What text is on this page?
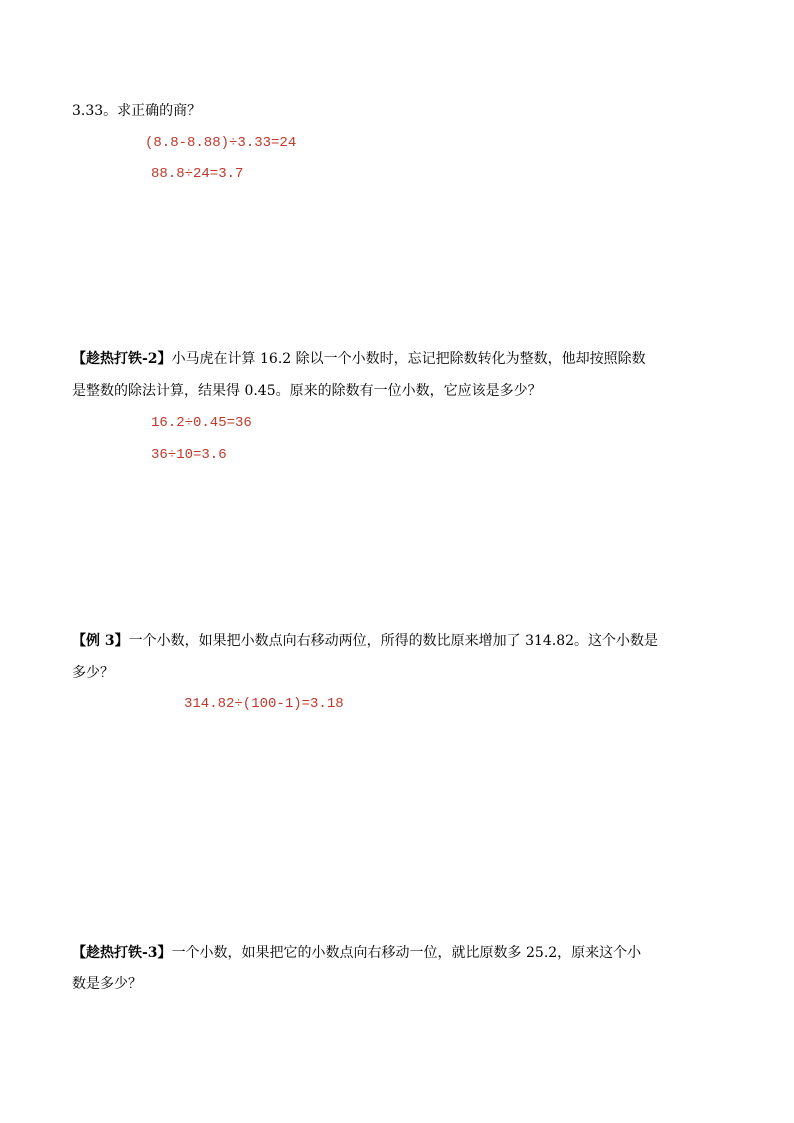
3.33。求正确的商？
(8.8-8.88)÷3.33=24
88.8÷24=3.7
【趁热打铁-2】小马虎在计算 16.2 除以一个小数时，忘记把除数转化为整数，他却按照除数
是整数的除法计算，结果得 0.45。原来的除数有一位小数，它应该是多少？
16.2÷0.45=36
36÷10=3.6
【例 3】一个小数，如果把小数点向右移动两位，所得的数比原来增加了 314.82。这个小数是
多少？
314.82÷(100-1)=3.18
【趁热打铁-3】一个小数，如果把它的小数点向右移动一位，就比原数多 25.2，原来这个小
数是多少？
